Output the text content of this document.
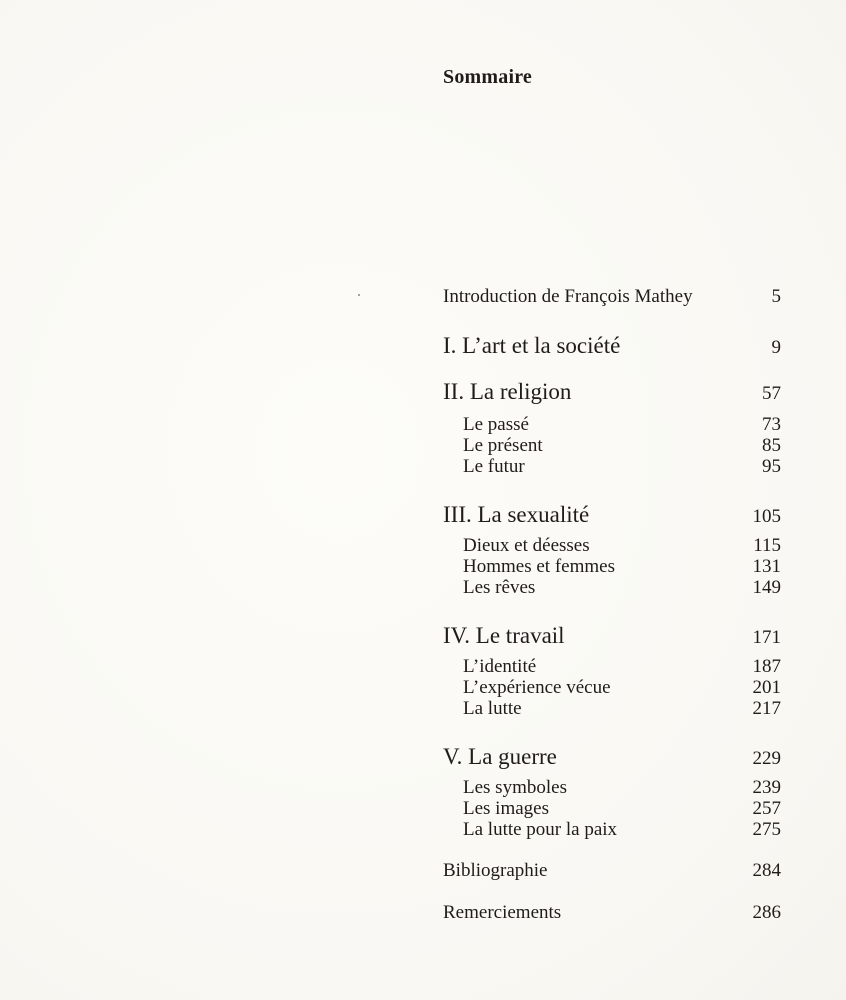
Sommaire
Introduction de François Mathey	5
I. L’art et la société	9
II. La religion	57
Le passé	73
Le présent	85
Le futur	95
III. La sexualité	105
Dieux et déesses	115
Hommes et femmes	131
Les rêves	149
IV. Le travail	171
L’identité	187
L’expérience vécue	201
La lutte	217
V. La guerre	229
Les symboles	239
Les images	257
La lutte pour la paix	275
Bibliographie	284
Remerciements	286
